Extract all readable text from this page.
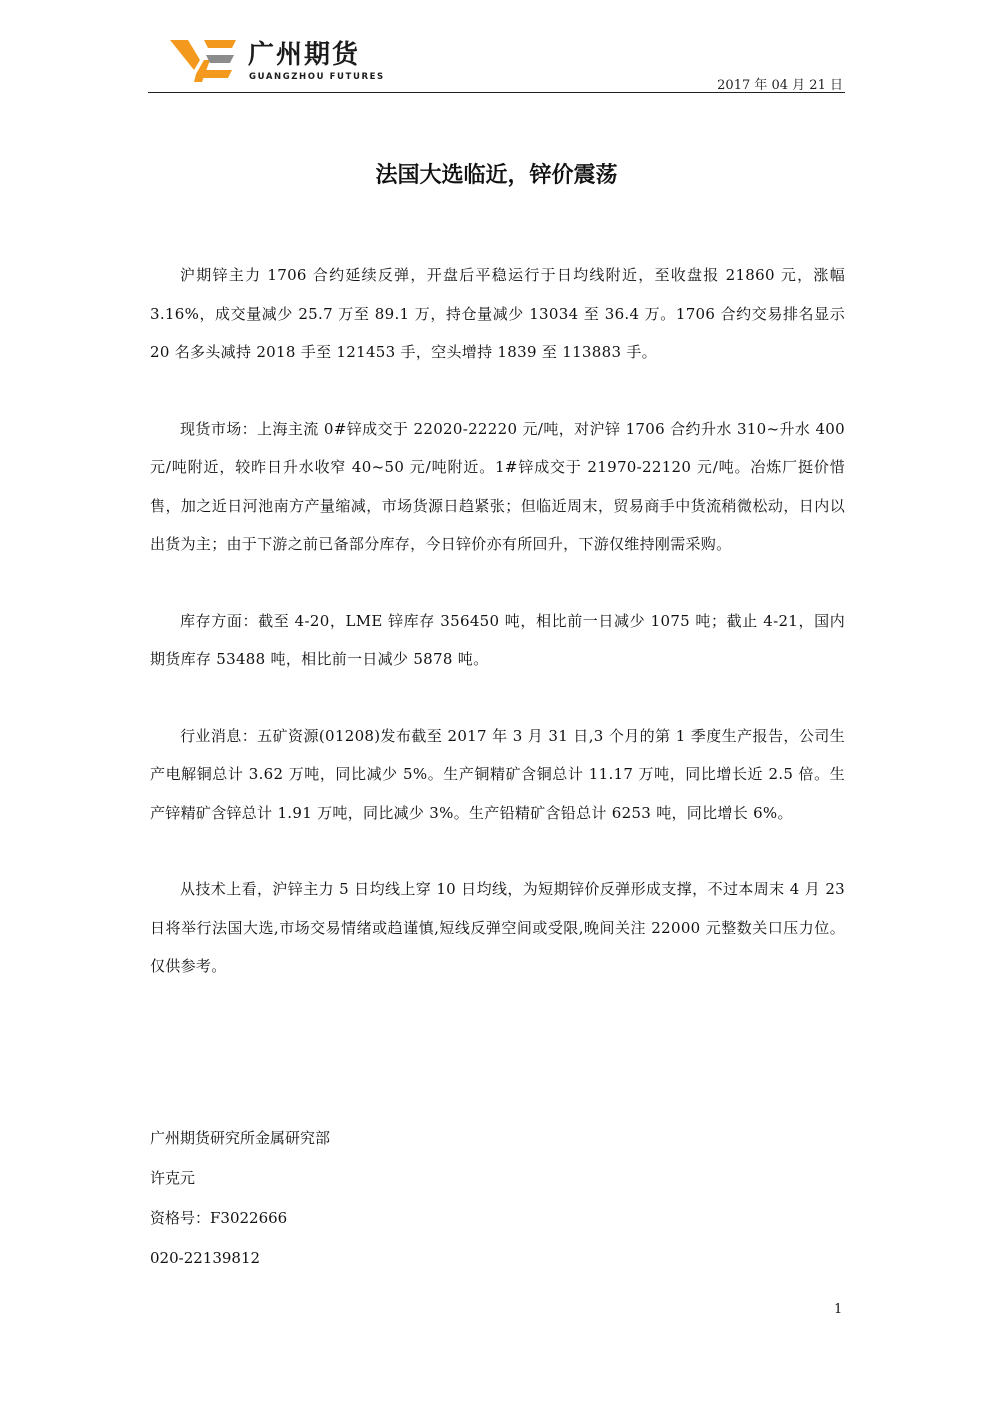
广州期货
GUANGZHOU FUTURES
2017 年 04 月 21 日
法国大选临近，锌价震荡

沪期锌主力 1706 合约延续反弹，开盘后平稳运行于日均线附近，至收盘报 21860 元，涨幅 3.16%，成交量减少 25.7 万至 89.1 万，持仓量减少 13034 至 36.4 万。1706 合约交易排名显示 20 名多头减持 2018 手至 121453 手，空头增持 1839 至 113883 手。

现货市场：上海主流 0#锌成交于 22020-22220 元/吨，对沪锌 1706 合约升水 310~升水 400 元/吨附近，较昨日升水收窄 40~50 元/吨附近。1#锌成交于 21970-22120 元/吨。冶炼厂挺价惜售，加之近日河池南方产量缩减，市场货源日趋紧张；但临近周末，贸易商手中货流稍微松动，日内以出货为主；由于下游之前已备部分库存，今日锌价亦有所回升，下游仅维持刚需采购。

库存方面：截至 4-20，LME 锌库存 356450 吨，相比前一日减少 1075 吨；截止 4-21，国内期货库存 53488 吨，相比前一日减少 5878 吨。

行业消息：五矿资源(01208)发布截至 2017 年 3 月 31 日,3 个月的第 1 季度生产报告，公司生产电解铜总计 3.62 万吨，同比减少 5%。生产铜精矿含铜总计 11.17 万吨，同比增长近 2.5 倍。生产锌精矿含锌总计 1.91 万吨，同比减少 3%。生产铅精矿含铅总计 6253 吨，同比增长 6%。

从技术上看，沪锌主力 5 日均线上穿 10 日均线，为短期锌价反弹形成支撑，不过本周末 4 月 23 日将举行法国大选,市场交易情绪或趋谨慎,短线反弹空间或受限,晚间关注 22000 元整数关口压力位。仅供参考。

广州期货研究所金属研究部
许克元
资格号：F3022666
020-22139812
1
